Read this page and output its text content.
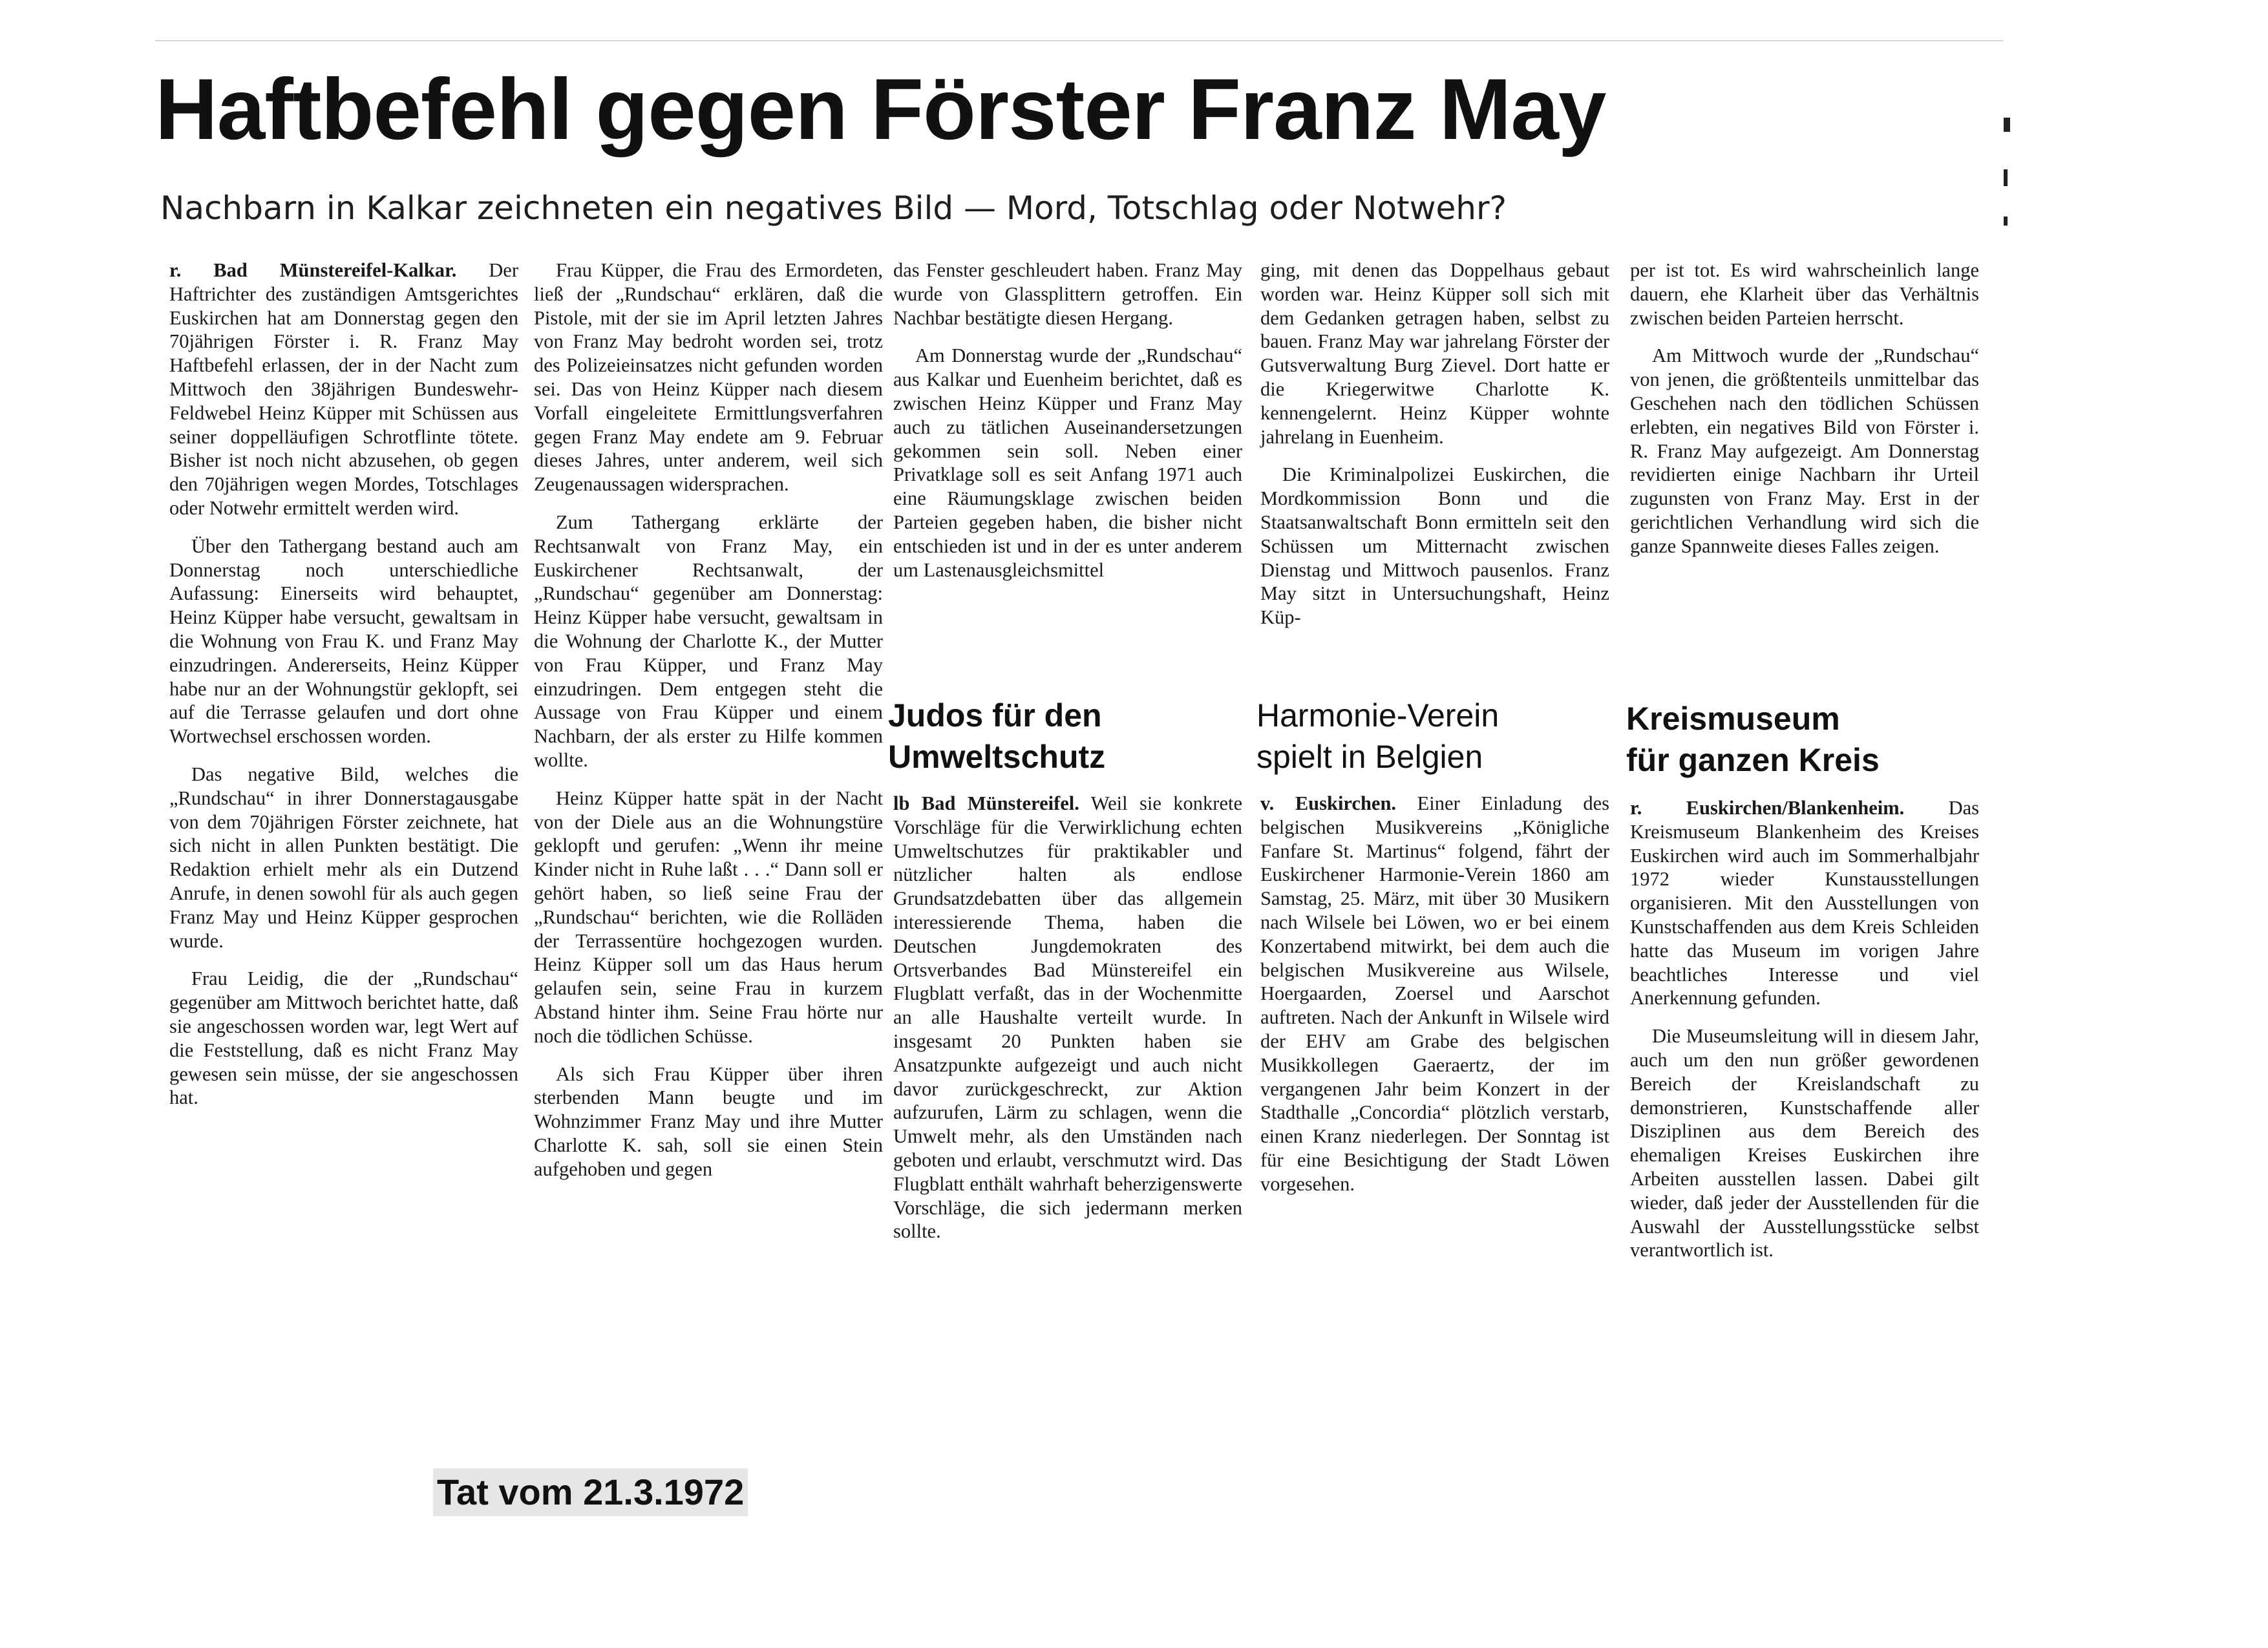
Haftbefehl gegen Förster Franz May
Nachbarn in Kalkar zeichneten ein negatives Bild — Mord, Totschlag oder Notwehr?

r. Bad Münstereifel-Kalkar. Der Haftrichter des zuständigen Amtsgerichtes Euskirchen hat am Donnerstag gegen den 70jährigen Förster i. R. Franz May Haftbefehl erlassen, der in der Nacht zum Mittwoch den 38jährigen Bundeswehr-Feldwebel Heinz Küpper mit Schüssen aus seiner doppelläufigen Schrotflinte tötete. Bisher ist noch nicht abzusehen, ob gegen den 70jährigen wegen Mordes, Totschlages oder Notwehr ermittelt werden wird.

Über den Tathergang bestand auch am Donnerstag noch unterschiedliche Aufassung: Einerseits wird behauptet, Heinz Küpper habe versucht, gewaltsam in die Wohnung von Frau K. und Franz May einzudringen. Andererseits, Heinz Küpper habe nur an der Wohnungstür geklopft, sei auf die Terrasse gelaufen und dort ohne Wortwechsel erschossen worden.

Das negative Bild, welches die „Rundschau“ in ihrer Donnerstagausgabe von dem 70jährigen Förster zeichnete, hat sich nicht in allen Punkten bestätigt. Die Redaktion erhielt mehr als ein Dutzend Anrufe, in denen sowohl für als auch gegen Franz May und Heinz Küpper gesprochen wurde.

Frau Leidig, die der „Rundschau“ gegenüber am Mittwoch berichtet hatte, daß sie angeschossen worden war, legt Wert auf die Feststellung, daß es nicht Franz May gewesen sein müsse, der sie angeschossen hat.

Frau Küpper, die Frau des Ermordeten, ließ der „Rundschau“ erklären, daß die Pistole, mit der sie im April letzten Jahres von Franz May bedroht worden sei, trotz des Polizeieinsatzes nicht gefunden worden sei. Das von Heinz Küpper nach diesem Vorfall eingeleitete Ermittlungsverfahren gegen Franz May endete am 9. Februar dieses Jahres, unter anderem, weil sich Zeugenaussagen widersprachen.

Zum Tathergang erklärte der Rechtsanwalt von Franz May, ein Euskirchener Rechtsanwalt, der „Rundschau“ gegenüber am Donnerstag: Heinz Küpper habe versucht, gewaltsam in die Wohnung der Charlotte K., der Mutter von Frau Küpper, und Franz May einzudringen. Dem entgegen steht die Aussage von Frau Küpper und einem Nachbarn, der als erster zu Hilfe kommen wollte.

Heinz Küpper hatte spät in der Nacht von der Diele aus an die Wohnungstüre geklopft und gerufen: „Wenn ihr meine Kinder nicht in Ruhe laßt . . .“ Dann soll er gehört haben, so ließ seine Frau der „Rundschau“ berichten, wie die Rolläden der Terrassentüre hochgezogen wurden. Heinz Küpper soll um das Haus herum gelaufen sein, seine Frau in kurzem Abstand hinter ihm. Seine Frau hörte nur noch die tödlichen Schüsse.

Als sich Frau Küpper über ihren sterbenden Mann beugte und im Wohnzimmer Franz May und ihre Mutter Charlotte K. sah, soll sie einen Stein aufgehoben und gegen

das Fenster geschleudert haben. Franz May wurde von Glassplittern getroffen. Ein Nachbar bestätigte diesen Hergang.

Am Donnerstag wurde der „Rundschau“ aus Kalkar und Euenheim berichtet, daß es zwischen Heinz Küpper und Franz May auch zu tätlichen Auseinandersetzungen gekommen sein soll. Neben einer Privatklage soll es seit Anfang 1971 auch eine Räumungsklage zwischen beiden Parteien gegeben haben, die bisher nicht entschieden ist und in der es unter anderem um Lastenausgleichsmittel

ging, mit denen das Doppelhaus gebaut worden war. Heinz Küpper soll sich mit dem Gedanken getragen haben, selbst zu bauen. Franz May war jahrelang Förster der Gutsverwaltung Burg Zievel. Dort hatte er die Kriegerwitwe Charlotte K. kennengelernt. Heinz Küpper wohnte jahrelang in Euenheim.

Die Kriminalpolizei Euskirchen, die Mordkommission Bonn und die Staatsanwaltschaft Bonn ermitteln seit den Schüssen um Mitternacht zwischen Dienstag und Mittwoch pausenlos. Franz May sitzt in Untersuchungshaft, Heinz Küp-

per ist tot. Es wird wahrscheinlich lange dauern, ehe Klarheit über das Verhältnis zwischen beiden Parteien herrscht.

Am Mittwoch wurde der „Rundschau“ von jenen, die größtenteils unmittelbar das Geschehen nach den tödlichen Schüssen erlebten, ein negatives Bild von Förster i. R. Franz May aufgezeigt. Am Donnerstag revidierten einige Nachbarn ihr Urteil zugunsten von Franz May. Erst in der gerichtlichen Verhandlung wird sich die ganze Spannweite dieses Falles zeigen.

Judos für den
Umweltschutz

lb Bad Münstereifel. Weil sie konkrete Vorschläge für die Verwirklichung echten Umweltschutzes für praktikabler und nützlicher halten als endlose Grundsatzdebatten über das allgemein interessierende Thema, haben die Deutschen Jungdemokraten des Ortsverbandes Bad Münstereifel ein Flugblatt verfaßt, das in der Wochenmitte an alle Haushalte verteilt wurde. In insgesamt 20 Punkten haben sie Ansatzpunkte aufgezeigt und auch nicht davor zurückgeschreckt, zur Aktion aufzurufen, Lärm zu schlagen, wenn die Umwelt mehr, als den Umständen nach geboten und erlaubt, verschmutzt wird. Das Flugblatt enthält wahrhaft beherzigenswerte Vorschläge, die sich jedermann merken sollte.

Harmonie-Verein
spielt in Belgien

v. Euskirchen. Einer Einladung des belgischen Musikvereins „Königliche Fanfare St. Martinus“ folgend, fährt der Euskirchener Harmonie-Verein 1860 am Samstag, 25. März, mit über 30 Musikern nach Wilsele bei Löwen, wo er bei einem Konzertabend mitwirkt, bei dem auch die belgischen Musikvereine aus Wilsele, Hoergaarden, Zoersel und Aarschot auftreten. Nach der Ankunft in Wilsele wird der EHV am Grabe des belgischen Musikkollegen Gaeraertz, der im vergangenen Jahr beim Konzert in der Stadthalle „Concordia“ plötzlich verstarb, einen Kranz niederlegen. Der Sonntag ist für eine Besichtigung der Stadt Löwen vorgesehen.

Kreismuseum
für ganzen Kreis

r. Euskirchen/Blankenheim. Das Kreismuseum Blankenheim des Kreises Euskirchen wird auch im Sommerhalbjahr 1972 wieder Kunstausstellungen organisieren. Mit den Ausstellungen von Kunstschaffenden aus dem Kreis Schleiden hatte das Museum im vorigen Jahre beachtliches Interesse und viel Anerkennung gefunden.

Die Museumsleitung will in diesem Jahr, auch um den nun größer gewordenen Bereich der Kreislandschaft zu demonstrieren, Kunstschaffende aller Disziplinen aus dem Bereich des ehemaligen Kreises Euskirchen ihre Arbeiten ausstellen lassen. Dabei gilt wieder, daß jeder der Ausstellenden für die Auswahl der Ausstellungsstücke selbst verantwortlich ist.

Tat vom 21.3.1972
